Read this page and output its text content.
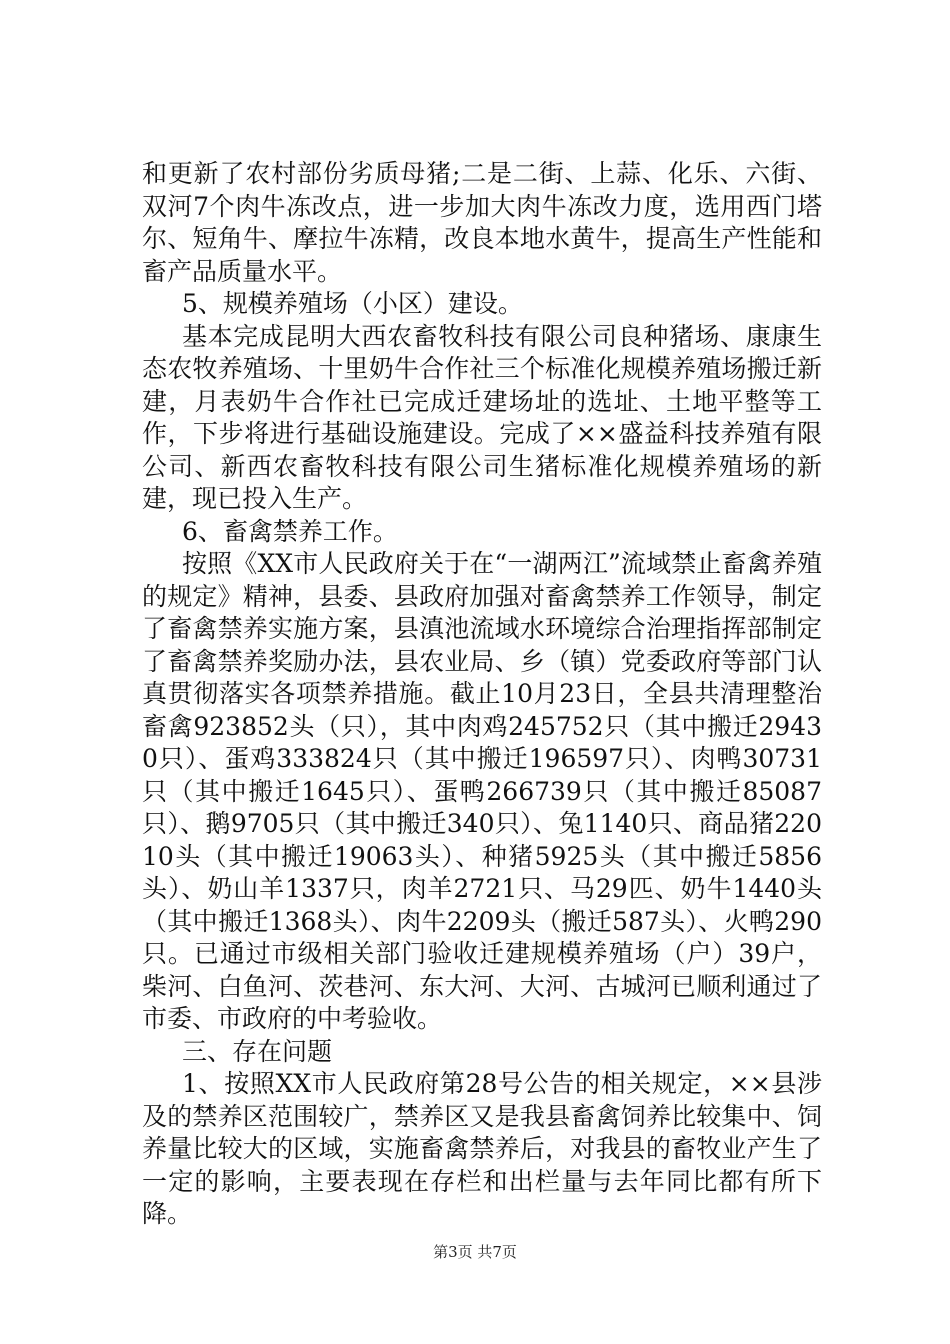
和更新了农村部份劣质母猪;二是二街、上蒜、化乐、六街、双河7个肉牛冻改点，进一步加大肉牛冻改力度，选用西门塔尔、短角牛、摩拉牛冻精，改良本地水黄牛，提高生产性能和畜产品质量水平。

5、规模养殖场（小区）建设。

基本完成昆明大西农畜牧科技有限公司良种猪场、康康生态农牧养殖场、十里奶牛合作社三个标准化规模养殖场搬迁新建，月表奶牛合作社已完成迁建场址的选址、土地平整等工作，下步将进行基础设施建设。完成了××盛益科技养殖有限公司、新西农畜牧科技有限公司生猪标准化规模养殖场的新建，现已投入生产。

6、畜禽禁养工作。

按照《XX市人民政府关于在“一湖两江”流域禁止畜禽养殖的规定》精神，县委、县政府加强对畜禽禁养工作领导，制定了畜禽禁养实施方案，县滇池流域水环境综合治理指挥部制定了畜禽禁养奖励办法，县农业局、乡（镇）党委政府等部门认真贯彻落实各项禁养措施。截止10月23日，全县共清理整治畜禽923852头（只），其中肉鸡245752只（其中搬迁29430只）、蛋鸡333824只（其中搬迁196597只）、肉鸭30731只（其中搬迁1645只）、蛋鸭266739只（其中搬迁85087只）、鹅9705只（其中搬迁340只）、兔1140只、商品猪22010头（其中搬迁19063头）、种猪5925头（其中搬迁5856头）、奶山羊1337只，肉羊2721只、马29匹、奶牛1440头（其中搬迁1368头）、肉牛2209头（搬迁587头）、火鸭290只。已通过市级相关部门验收迁建规模养殖场（户）39户，柴河、白鱼河、茨巷河、东大河、大河、古城河已顺利通过了市委、市政府的中考验收。

三、存在问题

1、按照XX市人民政府第28号公告的相关规定，××县涉及的禁养区范围较广，禁养区又是我县畜禽饲养比较集中、饲养量比较大的区域，实施畜禽禁养后，对我县的畜牧业产生了一定的影响，主要表现在存栏和出栏量与去年同比都有所下降。

第3页 共7页
